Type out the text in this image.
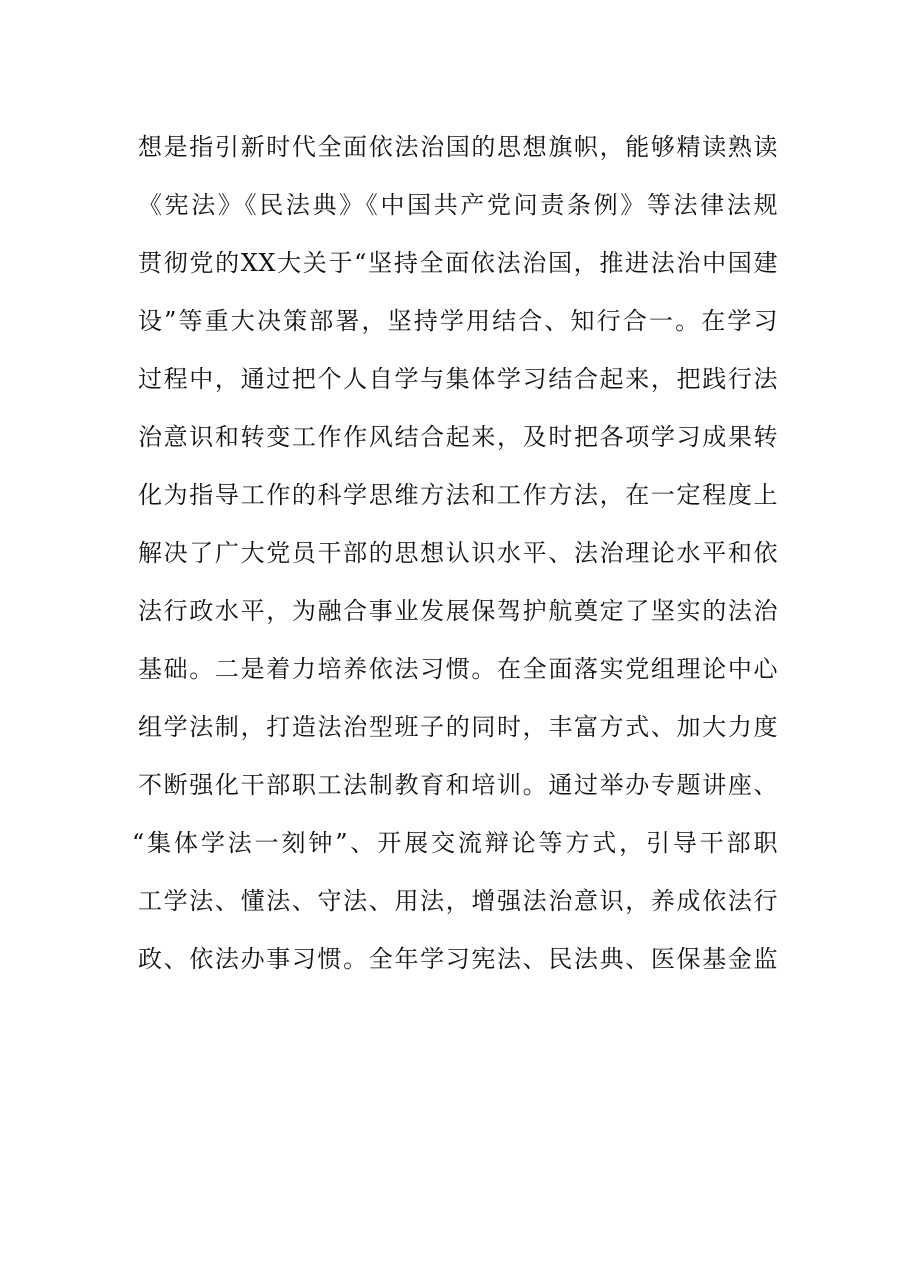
想是指引新时代全面依法治国的思想旗帜，能够精读熟读
《宪法》《民法典》《中国共产党问责条例》等法律法规
贯彻党的XX大关于“坚持全面依法治国，推进法治中国建
设”等重大决策部署，坚持学用结合、知行合一。在学习
过程中，通过把个人自学与集体学习结合起来，把践行法
治意识和转变工作作风结合起来，及时把各项学习成果转
化为指导工作的科学思维方法和工作方法，在一定程度上
解决了广大党员干部的思想认识水平、法治理论水平和依
法行政水平，为融合事业发展保驾护航奠定了坚实的法治
基础。二是着力培养依法习惯。在全面落实党组理论中心
组学法制，打造法治型班子的同时，丰富方式、加大力度
不断强化干部职工法制教育和培训。通过举办专题讲座、
“集体学法一刻钟”、开展交流辩论等方式，引导干部职
工学法、懂法、守法、用法，增强法治意识，养成依法行
政、依法办事习惯。全年学习宪法、民法典、医保基金监
